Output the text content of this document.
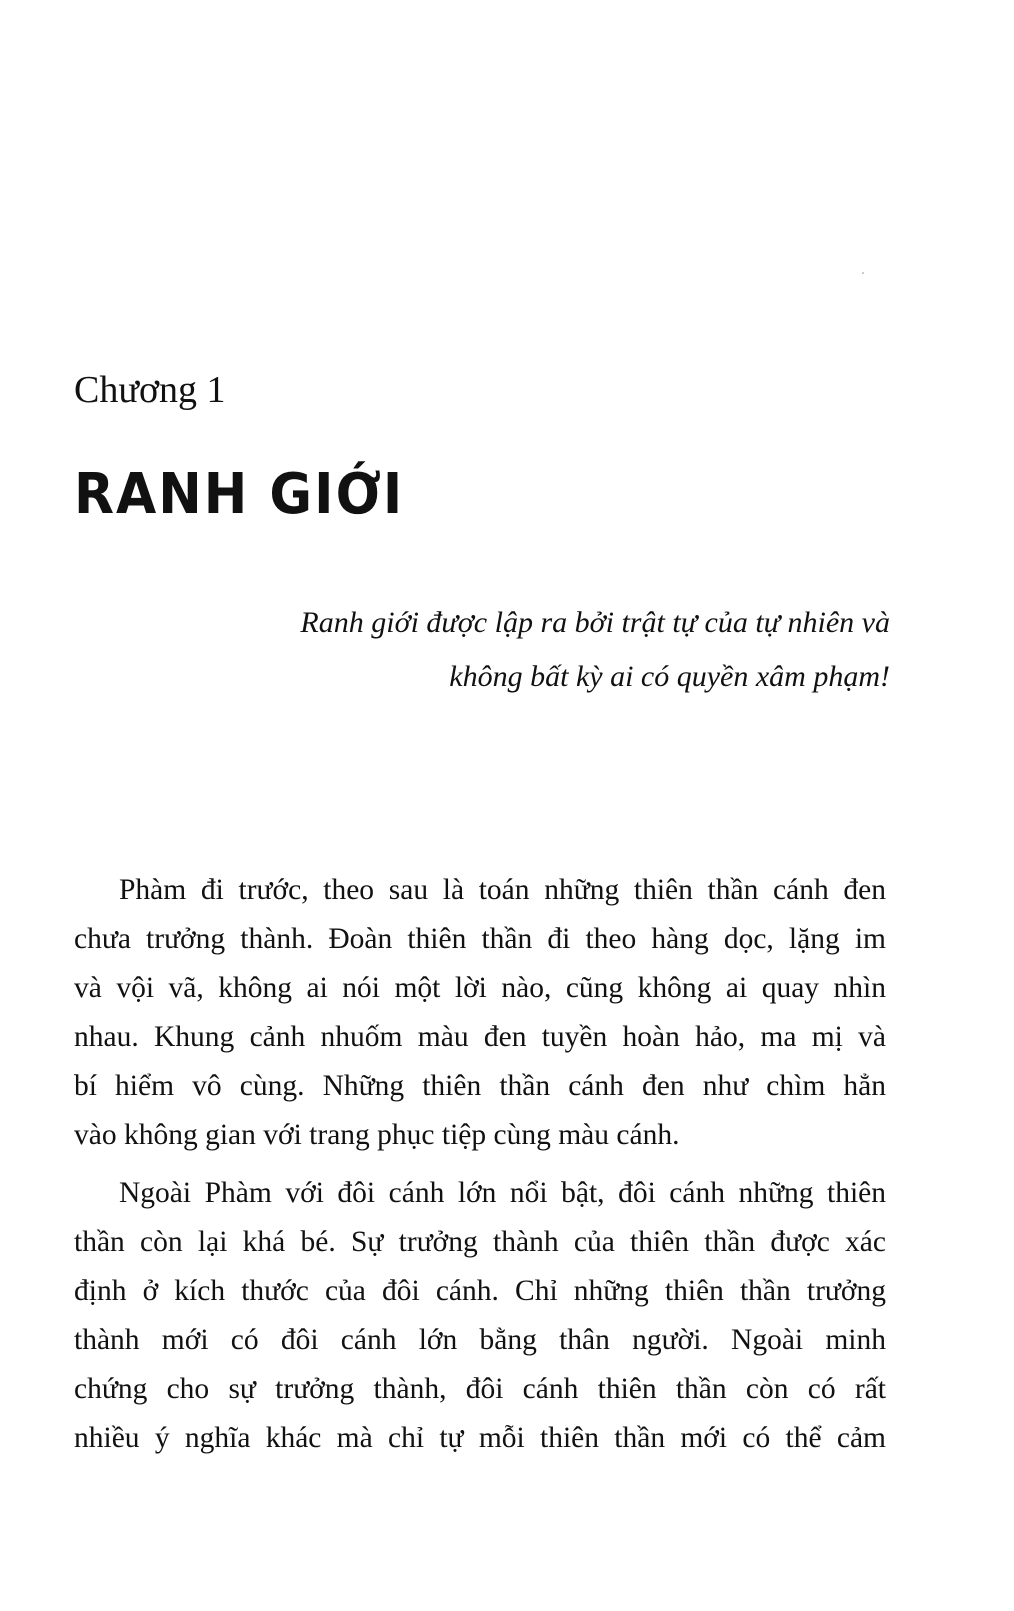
Chương 1
RANH GIỚI
Ranh giới được lập ra bởi trật tự của tự nhiên và
không bất kỳ ai có quyền xâm phạm!
Phàm đi trước, theo sau là toán những thiên thần cánh đen
chưa trưởng thành. Đoàn thiên thần đi theo hàng dọc, lặng im
và vội vã, không ai nói một lời nào, cũng không ai quay nhìn
nhau. Khung cảnh nhuốm màu đen tuyền hoàn hảo, ma mị và
bí hiểm vô cùng. Những thiên thần cánh đen như chìm hẳn
vào không gian với trang phục tiệp cùng màu cánh.
Ngoài Phàm với đôi cánh lớn nổi bật, đôi cánh những thiên
thần còn lại khá bé. Sự trưởng thành của thiên thần được xác
định ở kích thước của đôi cánh. Chỉ những thiên thần trưởng
thành mới có đôi cánh lớn bằng thân người. Ngoài minh
chứng cho sự trưởng thành, đôi cánh thiên thần còn có rất
nhiều ý nghĩa khác mà chỉ tự mỗi thiên thần mới có thể cảm
